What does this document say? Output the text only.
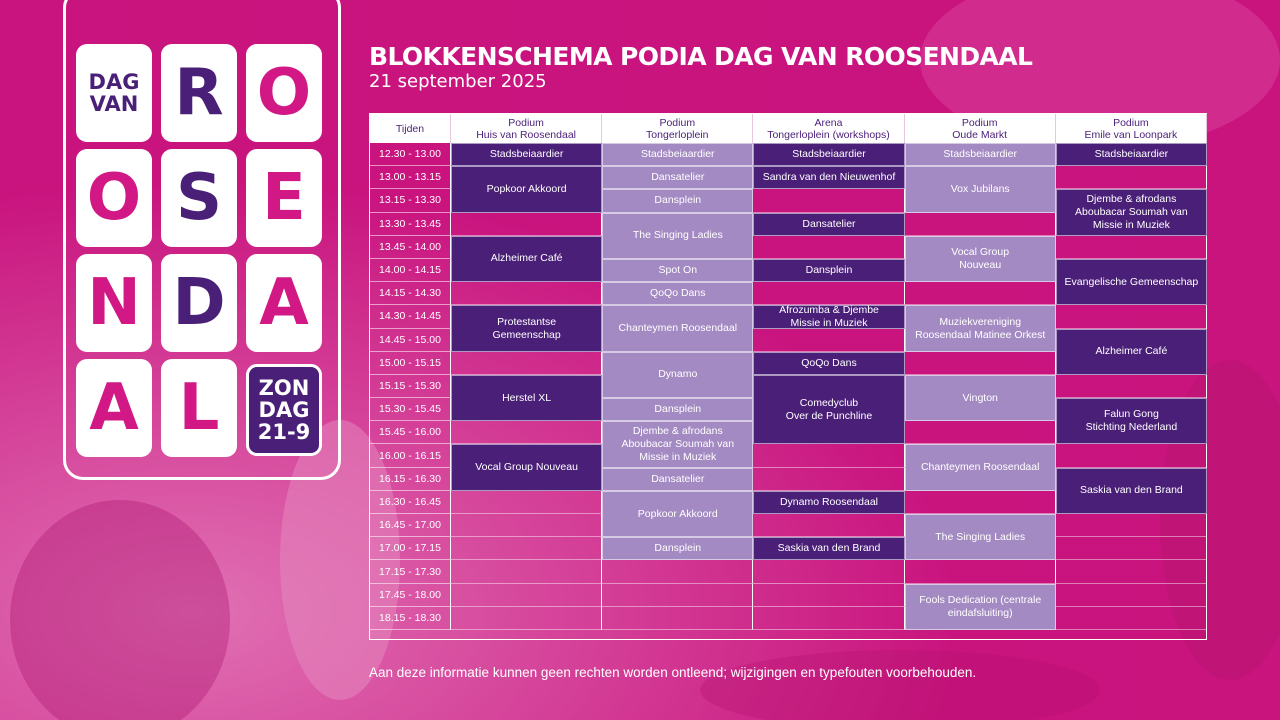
DAG
VAN R O
O S E
N D A
A L	ZON
DAG
21-9
BLOKKENSCHEMA PODIA DAG VAN ROOSENDAAL
21 september 2025
Tijden	Podium
Huis van Roosendaal
Podium
Tongerloplein
Arena
Tongerloplein (workshops)
Podium
Oude Markt
Podium
Emile van Loonpark
12.30 - 13.00
13.00 - 13.15
13.15 - 13.30
13.30 - 13.45
13.45 - 14.00
14.00 - 14.15
14.15 - 14.30
14.30 - 14.45
14.45 - 15.00
15.00 - 15.15
15.15 - 15.30
15.30 - 15.45
15.45 - 16.00
16.00 - 16.15
16.15 - 16.30
16.30 - 16.45
16.45 - 17.00
17.00 - 17.15
17.15 - 17.30
17.45 - 18.00
18.15 - 18.30
Stadsbeiaardier
Popkoor Akkoord
Alzheimer Café
Protestantse
Gemeenschap
Herstel XL
Vocal Group Nouveau
Stadsbeiaardier
Dansatelier
Dansplein
The Singing Ladies
Spot On
QoQo Dans
Chanteymen Roosendaal
Dynamo
Dansplein
Djembe & afrodans
Aboubacar Soumah van
Missie in Muziek
Dansatelier
Popkoor Akkoord
Dansplein
Stadsbeiaardier
Sandra van den Nieuwenhof
Dansatelier
Dansplein
Afrozumba & Djembe
Missie in Muziek
QoQo Dans
Comedyclub
Over de Punchline
Dynamo Roosendaal
Saskia van den Brand
Stadsbeiaardier
Vox Jubilans
Vocal Group
Nouveau
Muziekvereniging
Roosendaal Matinee Orkest
Vington
Chanteymen Roosendaal
The Singing Ladies
Fools Dedication (centrale
eindafsluiting)
Stadsbeiaardier
Djembe & afrodans
Aboubacar Soumah van
Missie in Muziek
Evangelische Gemeenschap
Alzheimer Café
Falun Gong
Stichting Nederland
Saskia van den Brand
Aan deze informatie kunnen geen rechten worden ontleend; wijzigingen en typefouten voorbehouden.
